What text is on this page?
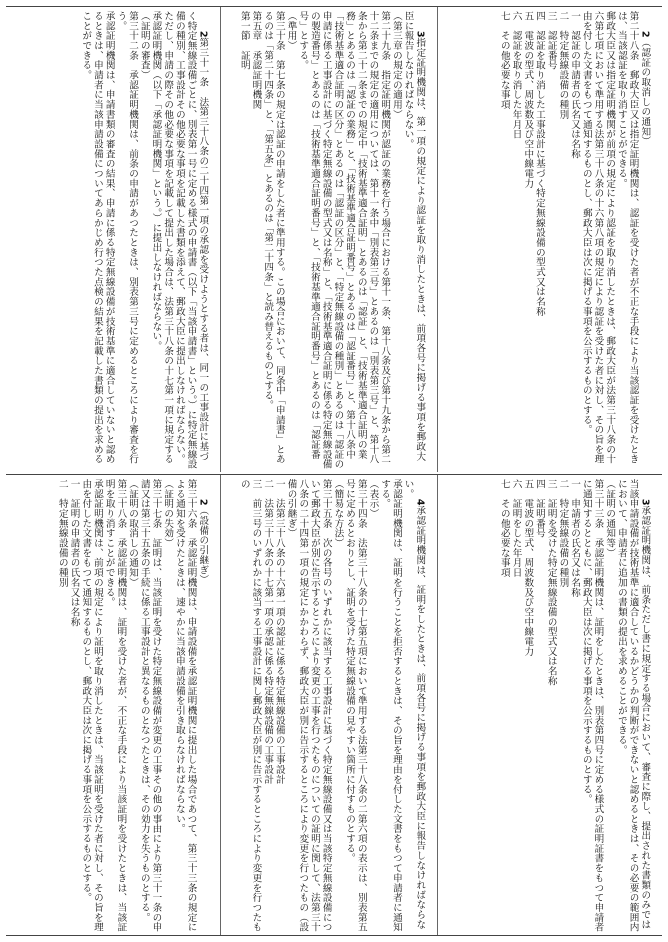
2（認証の取消しの通知）
第二十八条　郵政大臣又は指定証明機関は、認証を受けた者が不正な手段により当該認証を受けたときは、当該認証を取り消すことができる。
郵政大臣又は指定証明機関が前項の規定により認証を取り消したときは、郵政大臣が法第三十八条の十六第七項において準用する法第三十八条の十六第八項の規定により認証を受けた者に対し、その旨を理由を付した文書をもつて通知するものとし、郵政大臣は次に掲げる事項を公示するものとする。
一　認証の申請者の氏名又は名称
二　特定無線設備の種別
三　認証番号
四　認証を取り消した工事設計に基づく特定無線設備の型式又は名称
五　電波の型式、周波数及び空中線電力
六　認証を取り消した年月日
七　その他必要な事項

3指定証明機関は、第一項の規定により認証を取り消したときは、前項各号に掲げる事項を郵政大臣に報告しなければならない。
（第三章の規定の適用）
第二十九条　指定証明機関が認証の業務を行う場合における第十一条、第十八条及び第十九条から第二十二条までの規定の適用については、第十一条中「別表第三号」とあるのは「別表第三号」と、第十八条から第二十二条までの規定中「技術基準適合証明」とあるのは「認証」と、「技術基準適合証明の業務」とあるのは「認証の業務」と、「技術基準適合証明番号」とあるのは「認証番号」と、第十八条中「技術基準適合証明の区分」とあるのは「認証の区分」と、「特定無線設備の種別」とあるのは「認証の申請に係る工事設計に基づく特定無線設備の型式又は名称」と、「技術基準適合証明に係る特定無線設備の製造番号」とあるのは「技術基準適合証明番号」と、「技術基準適合証明番号」とあるのは「認証番号」とする。
（準用）
第三十条　第七条の規定は認証の申請をした者に準用する。この場合において、同条中「申請書」とあるのは「第二十四条」と、「第五条」とあるのは「第二十四条」と読み替えるものとする。
第五章　承認証明機関
第一節　証明

2第三十一条　法第三十八条の二十四第一項の承認を受けようとする者は、同一の工事設計に基づく特定無線設備ごとに、別表第一号に定める様式の申請書（以下「当該申請書」という。）に特定無線設備の種別、工事設計その他必要な事項を記載した書類を添えて、郵政大臣に提出しなければならない。ただし、申請の際その他必要な事項を記載して提出した場合は、法第三十八条の十七第一項に規定する承認証明機関（以下「承認証明機関」という。）に提出しなければならない。
（証明の審査）
第三十二条　承認証明機関は、前条の申請があつたときは、別表第三号に定めるところにより審査を行う。
承認証明機関は、申請書類の審査の結果、申請に係る特定無線設備が技術基準に適合していないと認めるときは、申請者に当該申請設備についてあらかじめ行つた点検の結果を記載した書類の提出を求めることができる。

3承認証明機関は、前条ただし書に規定する場合において、審査に際し、提出された書類のみでは当該申請設備が技術基準に適合しているかどうかの判断ができないと認めるときは、その必要の範囲内において、申請者に追加の書類の提出を求めることができる。
（証明の通知等）
第三十三条　承認証明機関は、証明をしたときは、別表第四号に定める様式の証明証書をもつて申請者に通知するとともに、郵政大臣は次に掲げる事項を公示するものとする。
一　申請者の氏名又は名称
二　特定無線設備の種別
三　証明を受けた特定無線設備の型式又は名称
四　証明番号
五　電波の型式、周波数及び空中線電力
六　証明をした年月日
七　その他必要な事項

4承認証明機関は、証明をしたときは、前項各号に掲げる事項を郵政大臣に報告しなければならない。
承認証明機関は、証明を行うことを拒否するときは、その旨を理由を付した文書をもつて申請者に通知する。
（表示）
第三十四条　法第三十八条の十七第五項において準用する法第三十八条の二第六項の表示は、別表第五号に定めるとおりとし、証明を受けた特定無線設備の見やすい箇所に付すものとする。
（簡易な方法）
第三十五条　次の各号のいずれかに該当する工事設計に基づく特定無線設備又は当該特定無線設備について郵政大臣が別に告示するところにより変更の工事を行つたものについての証明に関して、法第三十八条の二十四第一項の規定にかかわらず、郵政大臣が別に告示するところにより変更を行つたもの（設備の引継ぎ）
一　法第三十八条の十六第一項の認証に係る特定無線設備の工事設計
二　法第三十八条の十七第一項の承認に係る特定無線設備の工事設計
三　前三号のいずれかに該当する工事設計に関し郵政大臣が別に告示するところにより変更を行つたもの

2（設備の引継ぎ）
第三十六条　承認証明機関は、申請設備を承認証明機関に提出した場合であつて、第三十三条の規定による通知を受けたときは、速やかに当該申請設備を引き取らなければならない。
（証明の失効）
第三十七条　証明は、当該証明を受けた特定無線設備が変更の工事その他の事由により第三十一条の申請又は第三十五条の手続に係る工事設計と異なるものとなつたときは、その効力を失うものとする。
（証明の取消しの通知）
第三十八条　承認証明機関は、証明を受けた者が、不正な手段により当該証明を受けたときは、当該証明を取り消すことができる。
承認証明機関は、前項の規定により証明を取り消したときは、当該証明を受けた者に対し、その旨を理由を付した文書をもつて通知するものとし、郵政大臣は次に掲げる事項を公示するものとする。
一　証明の申請者の氏名又は名称
二　特定無線設備の種別
